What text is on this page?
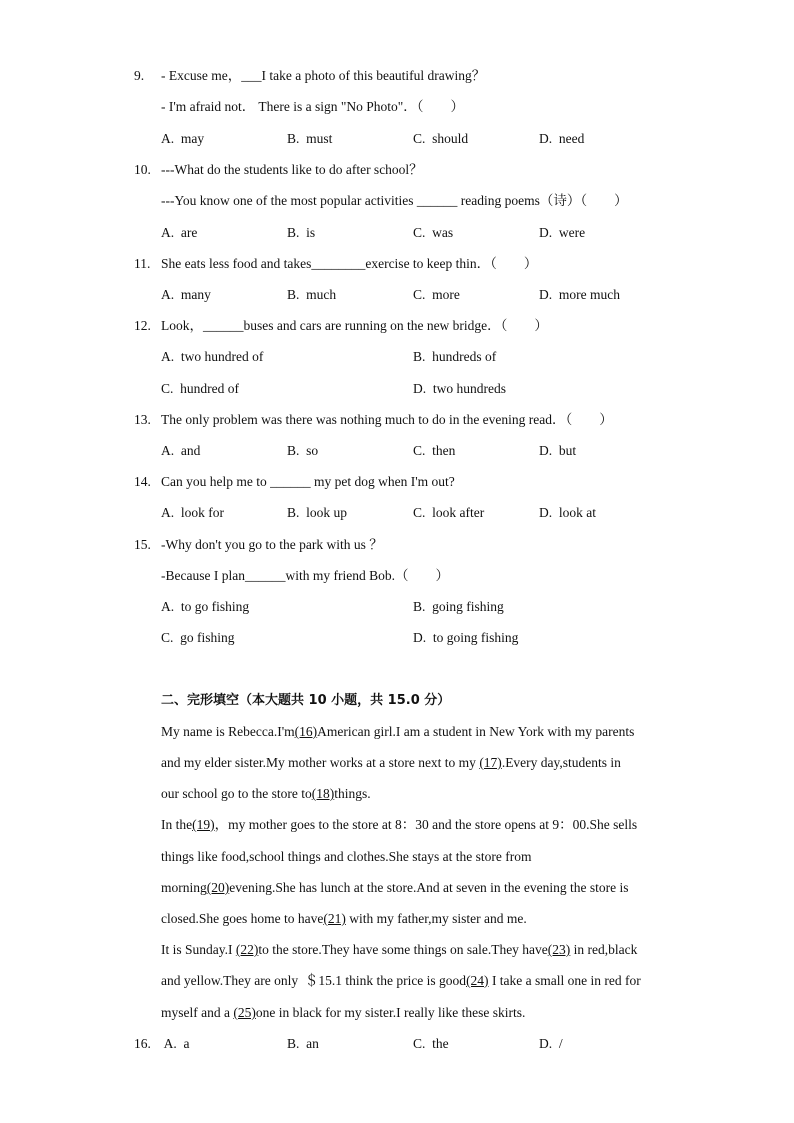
9. - Excuse me，___I take a photo of this beautiful drawing？
- I'm afraid not． There is a sign "No Photo"．（　　）
A.  may	B.  must	C.  should	D.  need
10. ---What do the students like to do after school？
---You know one of the most popular activities ______ reading poems（诗）（　　）
A.  are	B.  is	C.  was	D.  were
11. She eats less food and takes________exercise to keep thin．（　　）
A.  many	B.  much	C.  more	D.  more much
12. Look，______buses and cars are running on the new bridge．（　　）
A.  two hundred of	B.  hundreds of
C.  hundred of	D.  two hundreds
13. The only problem was there was nothing much to do in the evening read．（　　）
A.  and	B.  so	C.  then	D.  but
14. Can you help me to ______ my pet dog when I'm out?
A.  look for	B.  look up	C.  look after	D.  look at
15. -Why don't you go to the park with us ？
-Because I plan______with my friend Bob.（　　）
A.  to go fishing	B.  going fishing
C.  go fishing	D.  to going fishing
二、完形填空（本大题共 10 小题，共 15.0 分）
My name is Rebecca.I'm(16)American girl.I am a student in New York with my parents
and my elder sister.My mother works at a store next to my (17).Every day,students in
our school go to the store to(18)things.
In the(19)，my mother goes to the store at 8：30 and the store opens at 9：00.She sells
things like food,school things and clothes.She stays at the store from
morning(20)evening.She has lunch at the store.And at seven in the evening the store is
closed.She goes home to have(21) with my father,my sister and me.
It is Sunday.I (22)to the store.They have some things on sale.They have(23) in red,black
and yellow.They are only  ＄15.1 think the price is good(24) I take a small one in red for
myself and a (25)one in black for my sister.I really like these skirts.
16. A.  a	B.  an	C.  the	D.  /
